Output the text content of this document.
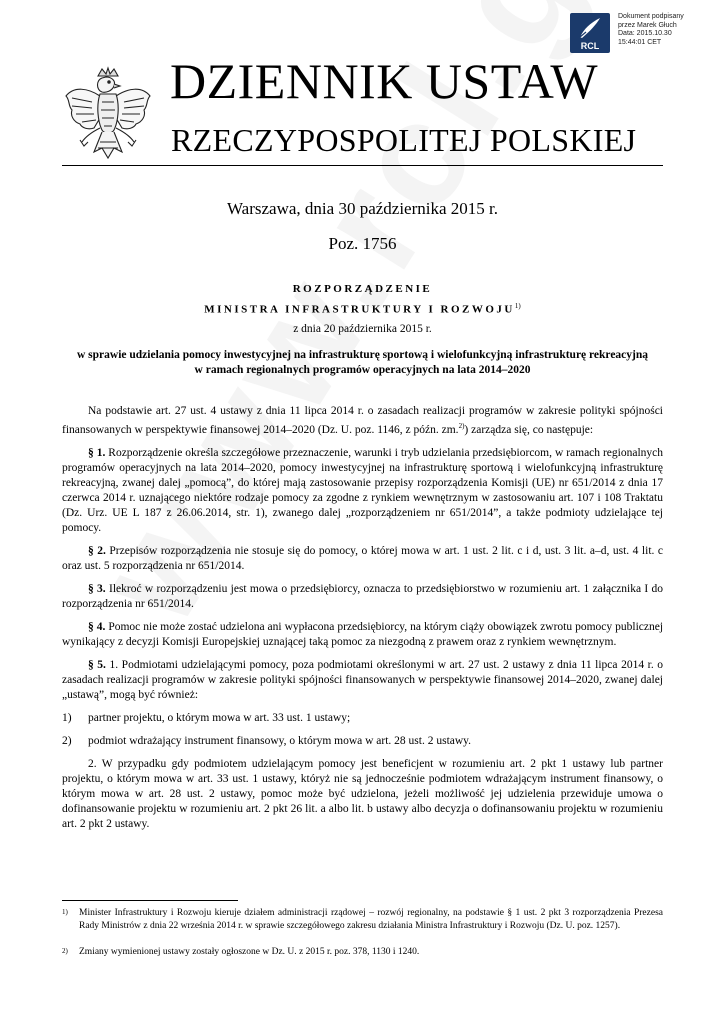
RCL
Dokument podpisany
przez Marek Głuch
Data: 2015.10.30
15:44:01 CET
DZIENNIK USTAW
RZECZYPOSPOLITEJ POLSKIEJ
Warszawa, dnia 30 października 2015 r.
Poz. 1756
ROZPORZĄDZENIE
MINISTRA INFRASTRUKTURY I ROZWOJU$^{1)}$
z dnia 20 października 2015 r.
w sprawie udzielania pomocy inwestycyjnej na infrastrukturę sportową i wielofunkcyjną infrastrukturę rekreacyjną w ramach regionalnych programów operacyjnych na lata 2014–2020

Na podstawie art. 27 ust. 4 ustawy z dnia 11 lipca 2014 r. o zasadach realizacji programów w zakresie polityki spójności finansowanych w perspektywie finansowej 2014–2020 (Dz. U. poz. 1146, z późn. zm.$^{2)}$) zarządza się, co następuje:

§ 1. Rozporządzenie określa szczegółowe przeznaczenie, warunki i tryb udzielania przedsiębiorcom, w ramach regionalnych programów operacyjnych na lata 2014–2020, pomocy inwestycyjnej na infrastrukturę sportową i wielofunkcyjną infrastrukturę rekreacyjną, zwanej dalej „pomocą”, do której mają zastosowanie przepisy rozporządzenia Komisji (UE) nr 651/2014 z dnia 17 czerwca 2014 r. uznającego niektóre rodzaje pomocy za zgodne z rynkiem wewnętrznym w zastosowaniu art. 107 i 108 Traktatu (Dz. Urz. UE L 187 z 26.06.2014, str. 1), zwanego dalej „rozporządzeniem nr 651/2014”, a także podmioty udzielające tej pomocy.

§ 2. Przepisów rozporządzenia nie stosuje się do pomocy, o której mowa w art. 1 ust. 2 lit. c i d, ust. 3 lit. a–d, ust. 4 lit. c oraz ust. 5 rozporządzenia nr 651/2014.

§ 3. Ilekroć w rozporządzeniu jest mowa o przedsiębiorcy, oznacza to przedsiębiorstwo w rozumieniu art. 1 załącznika I do rozporządzenia nr 651/2014.

§ 4. Pomoc nie może zostać udzielona ani wypłacona przedsiębiorcy, na którym ciąży obowiązek zwrotu pomocy publicznej wynikający z decyzji Komisji Europejskiej uznającej taką pomoc za niezgodną z prawem oraz z rynkiem wewnętrznym.

§ 5. 1. Podmiotami udzielającymi pomocy, poza podmiotami określonymi w art. 27 ust. 2 ustawy z dnia 11 lipca 2014 r. o zasadach realizacji programów w zakresie polityki spójności finansowanych w perspektywie finansowej 2014–2020, zwanej dalej „ustawą”, mogą być również:

1)	partner projektu, o którym mowa w art. 33 ust. 1 ustawy;

2)	podmiot wdrażający instrument finansowy, o którym mowa w art. 28 ust. 2 ustawy.

2. W przypadku gdy podmiotem udzielającym pomocy jest beneficjent w rozumieniu art. 2 pkt 1 ustawy lub partner projektu, o którym mowa w art. 33 ust. 1 ustawy, któryż nie są jednocześnie podmiotem wdrażającym instrument finansowy, o którym mowa w art. 28 ust. 2 ustawy, pomoc może być udzielona, jeżeli możliwość jej udzielenia przewiduje umowa o dofinansowanie projektu w rozumieniu art. 2 pkt 26 lit. a albo lit. b ustawy albo decyzja o dofinansowaniu projektu w rozumieniu art. 2 pkt 2 ustawy.

1)	Minister Infrastruktury i Rozwoju kieruje działem administracji rządowej – rozwój regionalny, na podstawie § 1 ust. 2 pkt 3 rozporządzenia Prezesa Rady Ministrów z dnia 22 września 2014 r. w sprawie szczegółowego zakresu działania Ministra Infrastruktury i Rozwoju (Dz. U. poz. 1257).
2)	Zmiany wymienionej ustawy zostały ogłoszone w Dz. U. z 2015 r. poz. 378, 1130 i 1240.
